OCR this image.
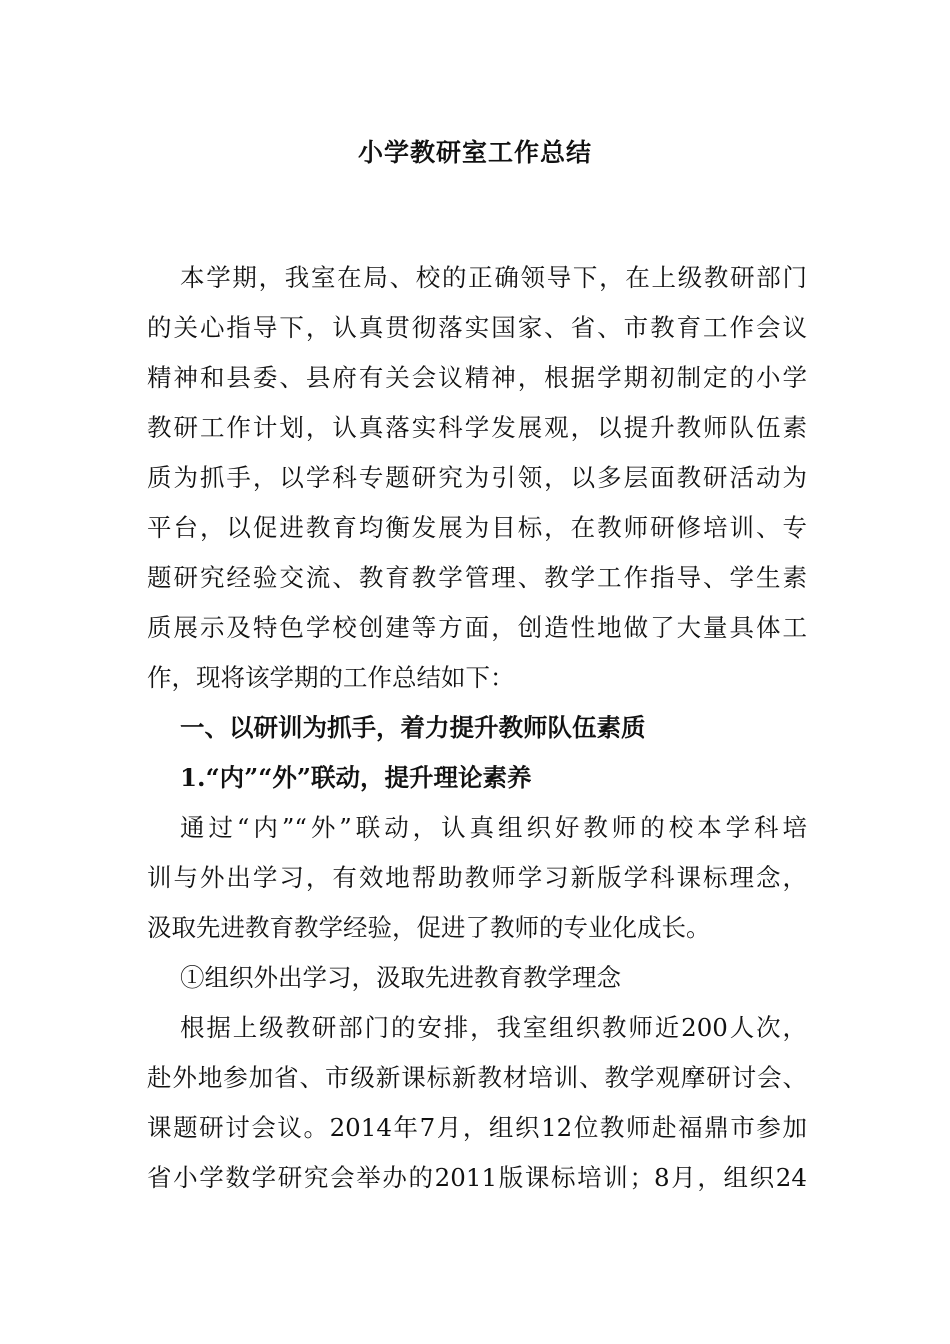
小学教研室工作总结
本学期，我室在局、校的正确领导下，在上级教研部门
的关心指导下，认真贯彻落实国家、省、市教育工作会议
精神和县委、县府有关会议精神，根据学期初制定的小学
教研工作计划，认真落实科学发展观，以提升教师队伍素
质为抓手，以学科专题研究为引领，以多层面教研活动为
平台，以促进教育均衡发展为目标，在教师研修培训、专
题研究经验交流、教育教学管理、教学工作指导、学生素
质展示及特色学校创建等方面，创造性地做了大量具体工
作，现将该学期的工作总结如下：
一、以研训为抓手，着力提升教师队伍素质
1.“内”“外”联动，提升理论素养
通过“内”“外”联动，认真组织好教师的校本学科培
训与外出学习，有效地帮助教师学习新版学科课标理念，
汲取先进教育教学经验，促进了教师的专业化成长。
①组织外出学习，汲取先进教育教学理念
根据上级教研部门的安排，我室组织教师近200人次，
赴外地参加省、市级新课标新教材培训、教学观摩研讨会、
课题研讨会议。2014年7月，组织12位教师赴福鼎市参加
省小学数学研究会举办的2011版课标培训；8月，组织24
